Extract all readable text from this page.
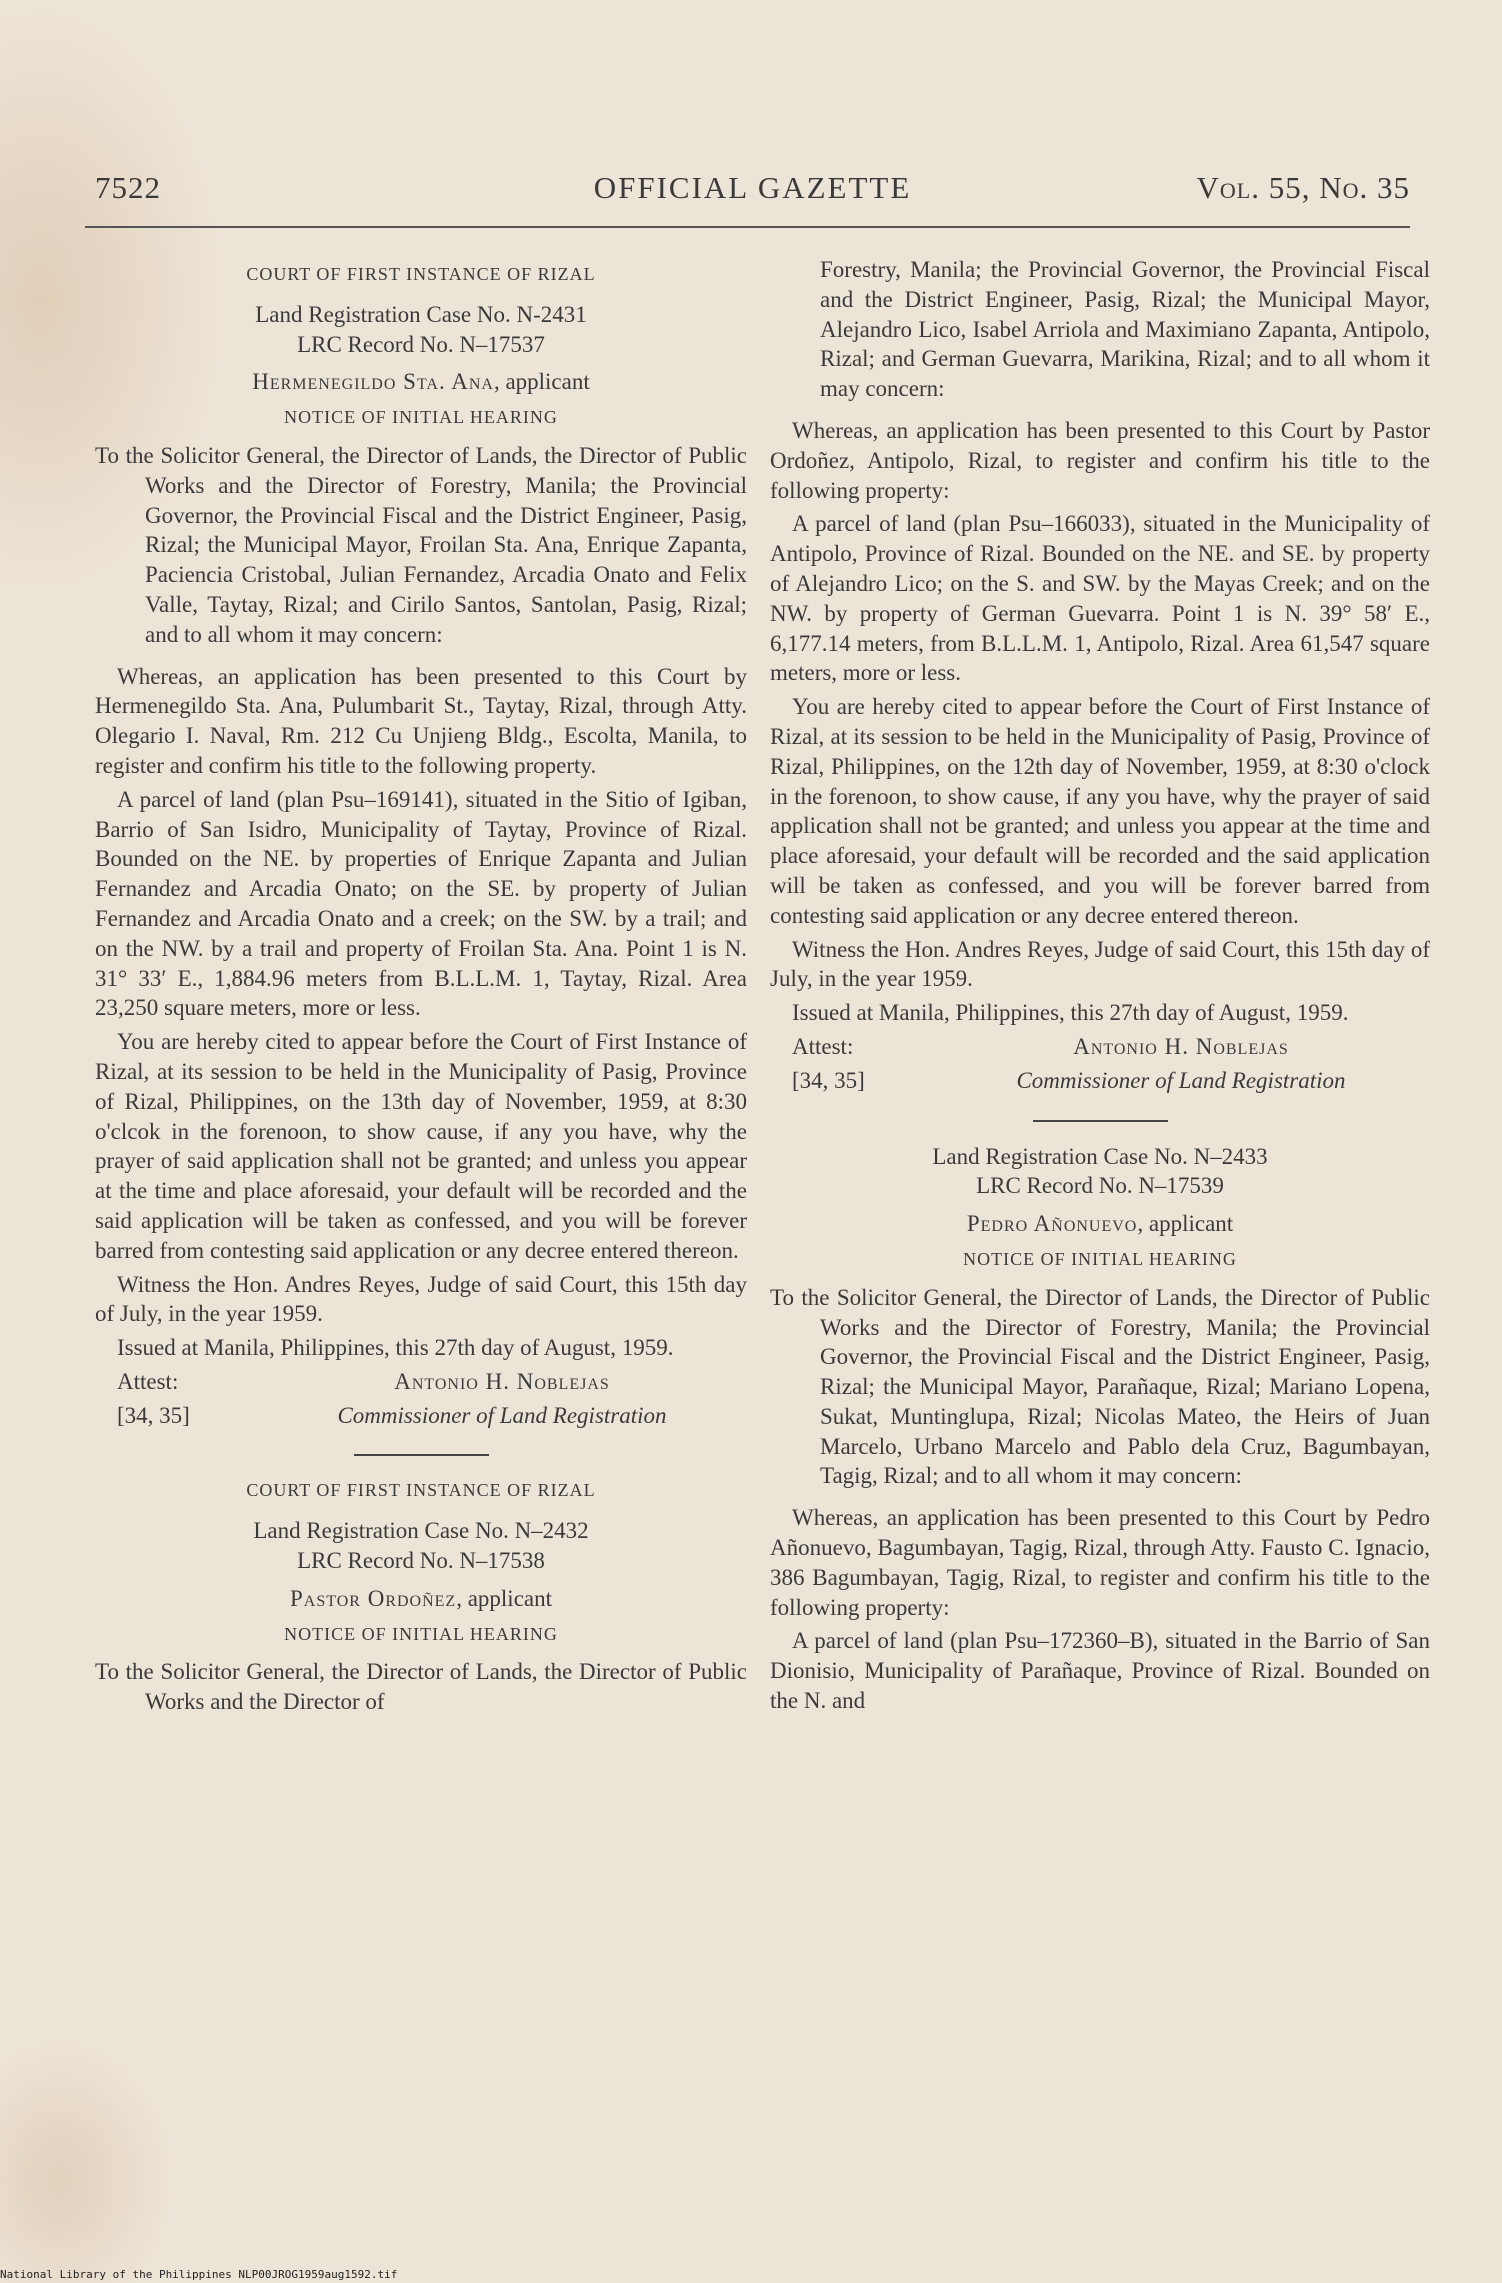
7522	OFFICIAL GAZETTE	Vol. 55, No. 35
COURT OF FIRST INSTANCE OF RIZAL
Land Registration Case No. N-2431
LRC Record No. N–17537
Hermenegildo Sta. Ana, applicant
NOTICE OF INITIAL HEARING

To the Solicitor General, the Director of Lands, the Director of Public Works and the Director of Forestry, Manila; the Provincial Governor, the Provincial Fiscal and the District Engineer, Pasig, Rizal; the Municipal Mayor, Froilan Sta. Ana, Enrique Zapanta, Paciencia Cristobal, Julian Fernandez, Arcadia Onato and Felix Valle, Taytay, Rizal; and Cirilo Santos, Santolan, Pasig, Rizal; and to all whom it may concern:

Whereas, an application has been presented to this Court by Hermenegildo Sta. Ana, Pulumbarit St., Taytay, Rizal, through Atty. Olegario I. Naval, Rm. 212 Cu Unjieng Bldg., Escolta, Manila, to register and confirm his title to the following property.

A parcel of land (plan Psu–169141), situated in the Sitio of Igiban, Barrio of San Isidro, Municipality of Taytay, Province of Rizal. Bounded on the NE. by properties of Enrique Zapanta and Julian Fernandez and Arcadia Onato; on the SE. by property of Julian Fernandez and Arcadia Onato and a creek; on the SW. by a trail; and on the NW. by a trail and property of Froilan Sta. Ana. Point 1 is N. 31° 33′ E., 1,884.96 meters from B.L.L.M. 1, Taytay, Rizal. Area 23,250 square meters, more or less.

You are hereby cited to appear before the Court of First Instance of Rizal, at its session to be held in the Municipality of Pasig, Province of Rizal, Philippines, on the 13th day of November, 1959, at 8:30 o'clcok in the forenoon, to show cause, if any you have, why the prayer of said application shall not be granted; and unless you appear at the time and place aforesaid, your default will be recorded and the said application will be taken as confessed, and you will be forever barred from contesting said application or any decree entered thereon.

Witness the Hon. Andres Reyes, Judge of said Court, this 15th day of July, in the year 1959.

Issued at Manila, Philippines, this 27th day of August, 1959.

Attest:	Antonio H. Noblejas
[34, 35]	Commissioner of Land Registration
COURT OF FIRST INSTANCE OF RIZAL
Land Registration Case No. N–2432
LRC Record No. N–17538
Pastor Ordoñez, applicant
NOTICE OF INITIAL HEARING

To the Solicitor General, the Director of Lands, the Director of Public Works and the Director of

Forestry, Manila; the Provincial Governor, the Provincial Fiscal and the District Engineer, Pasig, Rizal; the Municipal Mayor, Alejandro Lico, Isabel Arriola and Maximiano Zapanta, Antipolo, Rizal; and German Guevarra, Marikina, Rizal; and to all whom it may concern:

Whereas, an application has been presented to this Court by Pastor Ordoñez, Antipolo, Rizal, to register and confirm his title to the following property:

A parcel of land (plan Psu–166033), situated in the Municipality of Antipolo, Province of Rizal. Bounded on the NE. and SE. by property of Alejandro Lico; on the S. and SW. by the Mayas Creek; and on the NW. by property of German Guevarra. Point 1 is N. 39° 58′ E., 6,177.14 meters, from B.L.L.M. 1, Antipolo, Rizal. Area 61,547 square meters, more or less.

You are hereby cited to appear before the Court of First Instance of Rizal, at its session to be held in the Municipality of Pasig, Province of Rizal, Philippines, on the 12th day of November, 1959, at 8:30 o'clock in the forenoon, to show cause, if any you have, why the prayer of said application shall not be granted; and unless you appear at the time and place aforesaid, your default will be recorded and the said application will be taken as confessed, and you will be forever barred from contesting said application or any decree entered thereon.

Witness the Hon. Andres Reyes, Judge of said Court, this 15th day of July, in the year 1959.

Issued at Manila, Philippines, this 27th day of August, 1959.

Attest:	Antonio H. Noblejas
[34, 35]	Commissioner of Land Registration
Land Registration Case No. N–2433
LRC Record No. N–17539
Pedro Añonuevo, applicant
NOTICE OF INITIAL HEARING

To the Solicitor General, the Director of Lands, the Director of Public Works and the Director of Forestry, Manila; the Provincial Governor, the Provincial Fiscal and the District Engineer, Pasig, Rizal; the Municipal Mayor, Parañaque, Rizal; Mariano Lopena, Sukat, Muntinglupa, Rizal; Nicolas Mateo, the Heirs of Juan Marcelo, Urbano Marcelo and Pablo dela Cruz, Bagumbayan, Tagig, Rizal; and to all whom it may concern:

Whereas, an application has been presented to this Court by Pedro Añonuevo, Bagumbayan, Tagig, Rizal, through Atty. Fausto C. Ignacio, 386 Bagumbayan, Tagig, Rizal, to register and confirm his title to the following property:

A parcel of land (plan Psu–172360–B), situated in the Barrio of San Dionisio, Municipality of Parañaque, Province of Rizal. Bounded on the N. and

National Library of the Philippines NLP00JROG1959aug1592.tif
